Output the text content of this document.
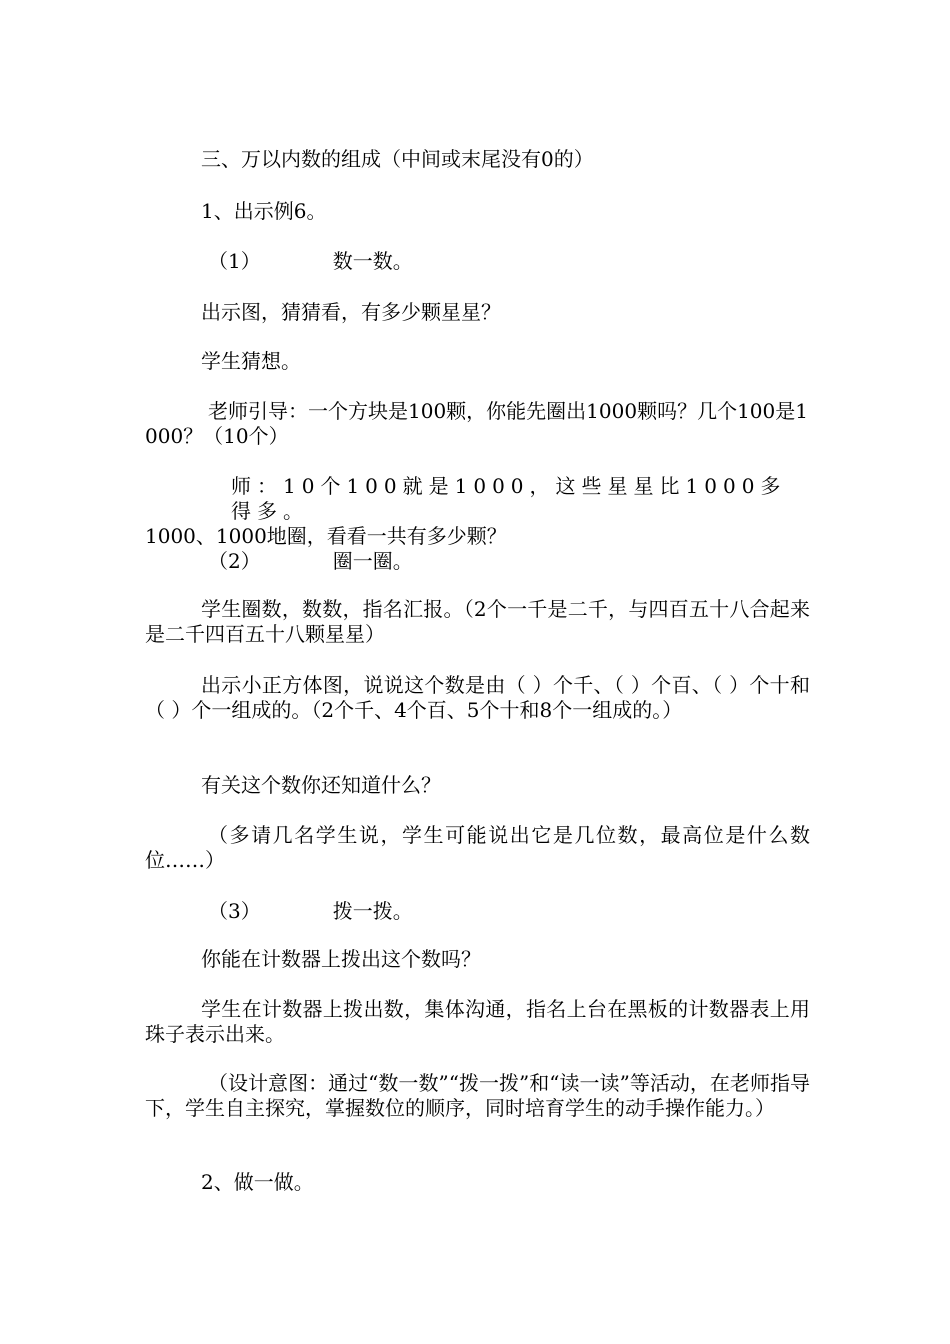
三、万以内数的组成（中间或末尾没有0的）

1、出示例6。

（1）	数一数。

出示图，猜猜看，有多少颗星星？

学生猜想。

老师引导：一个方块是100颗，你能先圈出1000颗吗？几个100是1000？（10个）

师：10个100就是1000，这些星星比1000多得多。
1000、1000地圈，看看一共有多少颗？

（2）	圈一圈。

学生圈数，数数，指名汇报。（2个一千是二千，与四百五十八合起来是二千四百五十八颗星星）

出示小正方体图，说说这个数是由（ ）个千、（ ）个百、（ ）个十和（ ）个一组成的。（2个千、4个百、5个十和8个一组成的。）

有关这个数你还知道什么？

（多请几名学生说，学生可能说出它是几位数，最高位是什么数位……）

（3）	拨一拨。

你能在计数器上拨出这个数吗？

学生在计数器上拨出数，集体沟通，指名上台在黑板的计数器表上用珠子表示出来。

（设计意图：通过“数一数”“拨一拨”和“读一读”等活动，在老师指导下，学生自主探究，掌握数位的顺序，同时培育学生的动手操作能力。）

2、做一做。
